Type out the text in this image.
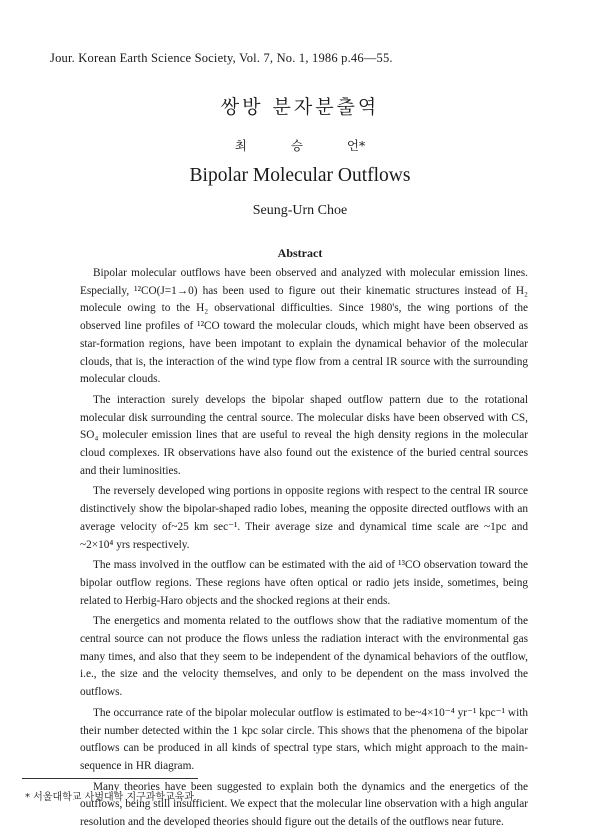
Jour. Korean Earth Science Society, Vol. 7, No. 1, 1986 p.46—55.
쌍방 분자분출역
최 승 언*
Bipolar Molecular Outflows
Seung-Urn Choe
Abstract

Bipolar molecular outflows have been observed and analyzed with molecular emission lines. Especially, ¹²CO(J=1→0) has been used to figure out their kinematic structures instead of H₂ molecule owing to the H₂ observational difficulties. Since 1980's, the wing portions of the observed line profiles of ¹²CO toward the molecular clouds, which might have been observed as star-formation regions, have been impotant to explain the dynamical behavior of the molecular clouds, that is, the interaction of the wind type flow from a central IR source with the surrounding molecular clouds.

The interaction surely develops the bipolar shaped outflow pattern due to the rotational molecular disk surrounding the central source. The molecular disks have been observed with CS, SO₄ moleculer emission lines that are useful to reveal the high density regions in the molecular cloud complexes. IR observations have also found out the existence of the buried central sources and their luminosities.

The reversely developed wing portions in opposite regions with respect to the central IR source distinctively show the bipolar-shaped radio lobes, meaning the opposite directed outflows with an average velocity of~25 km sec⁻¹. Their average size and dynamical time scale are ~1pc and ~2×10⁴ yrs respectively.

The mass involved in the outflow can be estimated with the aid of ¹³CO observation toward the bipolar outflow regions. These regions have often optical or radio jets inside, sometimes, being related to Herbig-Haro objects and the shocked regions at their ends.

The energetics and momenta related to the outflows show that the radiative momentum of the central source can not produce the flows unless the radiation interact with the environmental gas many times, and also that they seem to be independent of the dynamical behaviors of the outflow, i.e., the size and the velocity themselves, and only to be dependent on the mass involved the outflows.

The occurrance rate of the bipolar molecular outflow is estimated to be~4×10⁻⁴ yr⁻¹ kpc⁻¹ with their number detected within the 1 kpc solar circle. This shows that the phenomena of the bipolar outflows can be produced in all kinds of spectral type stars, which might approach to the main-sequence in HR diagram.

Many theories have been suggested to explain both the dynamics and the energetics of the outflows, being still insufficient. We expect that the molecular line observation with a high angular resolution and the developed theories should figure out the details of the outflows near future.

* 서울대학교 사범대학 지구과학교육과
